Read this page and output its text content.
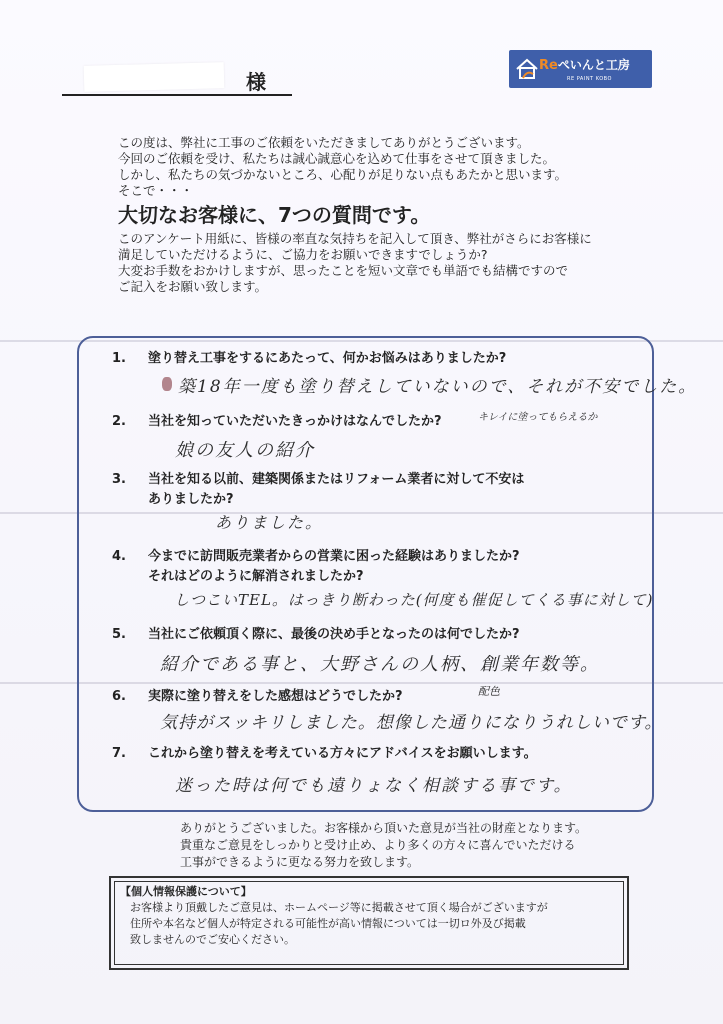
様
Reぺいんと工房
RE PAINT KOBO

この度は、弊社に工事のご依頼をいただきましてありがとうございます。

今回のご依頼を受け、私たちは誠心誠意心を込めて仕事をさせて頂きました。

しかし、私たちの気づかないところ、心配りが足りない点もあたかと思います。

そこで・・・

大切なお客様に、7つの質問です。

このアンケート用紙に、皆様の率直な気持ちを記入して頂き、弊社がさらにお客様に

満足していただけるように、ご協力をお願いできますでしょうか?

大変お手数をおかけしますが、思ったことを短い文章でも単語でも結構ですので

ご記入をお願い致します。

1. 塗り替え工事をするにあたって、何かお悩みはありましたか?
築18年一度も塗り替えしていないので、それが不安でした。
2. 当社を知っていただいたきっかけはなんでしたか?	キレイに塗ってもらえるか
娘の友人の紹介
3. 当社を知る以前、建築関係またはリフォーム業者に対して不安は
ありましたか?
ありました。
4. 今までに訪問販売業者からの営業に困った経験はありましたか?
それはどのように解消されましたか?
しつこいTEL。はっきり断わった(何度も催促してくる事に対して)
5. 当社にご依頼頂く際に、最後の決め手となったのは何でしたか?
紹介である事と、大野さんの人柄、創業年数等。
6. 実際に塗り替えをした感想はどうでしたか?	配色
気持がスッキリしました。想像した通りになりうれしいです。
7. これから塗り替えを考えている方々にアドバイスをお願いします。
迷った時は何でも遠りょなく相談する事です。

ありがとうございました。お客様から頂いた意見が当社の財産となります。

貴重なご意見をしっかりと受け止め、より多くの方々に喜んでいただける

工事ができるように更なる努力を致します。

【個人情報保護について】

お客様より頂戴したご意見は、ホームページ等に掲載させて頂く場合がございますが

住所や本名など個人が特定される可能性が高い情報については一切ロ外及び掲載

致しませんのでご安心ください。
